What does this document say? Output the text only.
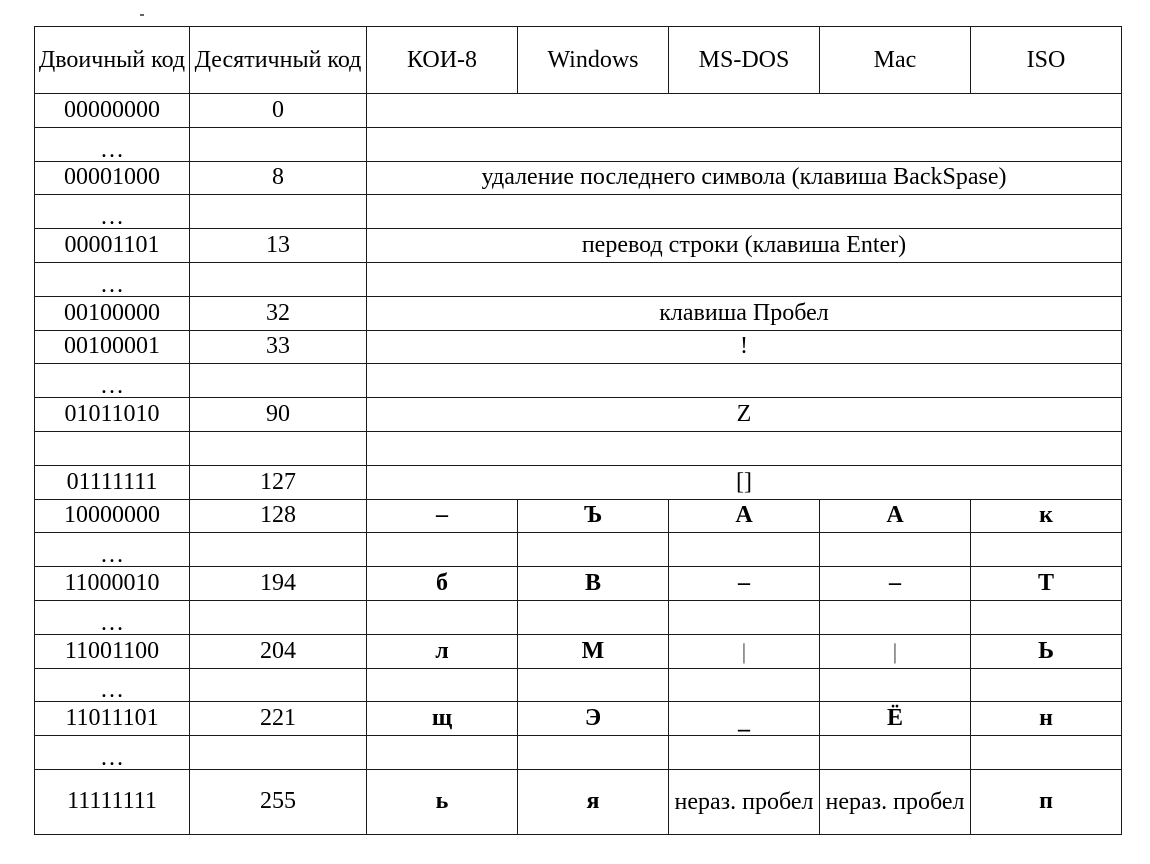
Двоичный код	Десятичный код	КОИ-8	Windows	MS-DOS	Mac	ISO
00000000	0					
…						
00001000	8	удаление последнего символа (клавиша BackSpase)				
…						
00001101	13	перевод строки (клавиша Enter)				
…						
00100000	32	клавиша Пробел				
00100001	33	!				
…						
01011010	90	Z				

01111111	127	[]				
10000000	128	–	Ъ	А	А	к
…						
11000010	194	б	В	–	–	Т
…						
11001100	204	л	М	|	|	Ь
…						
11011101	221	щ	Э	_	Ё	н
…						
11111111	255	ь	я	нераз. пробел	нераз. пробел	п
